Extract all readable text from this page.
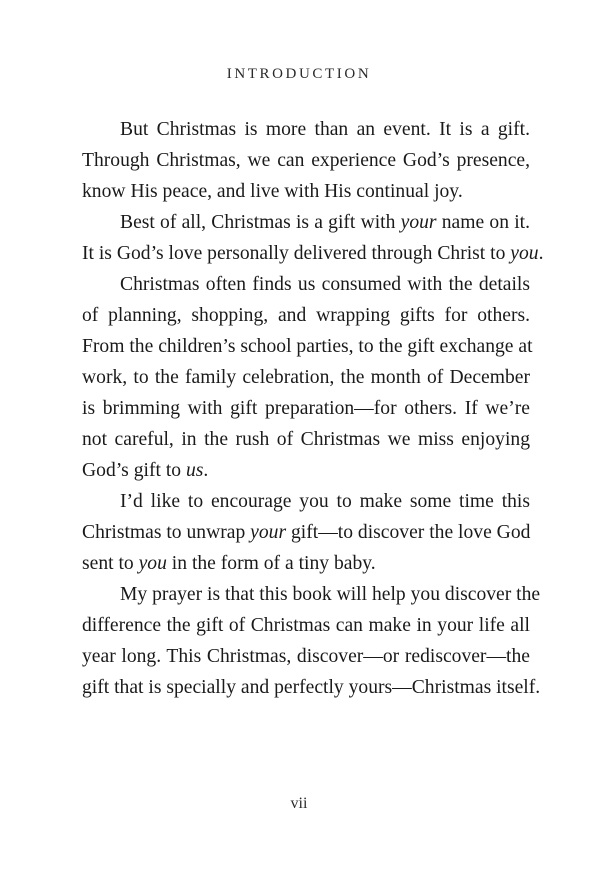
INTRODUCTION
But Christmas is more than an event. It is a gift.
Through Christmas, we can experience God’s presence,
know His peace, and live with His continual joy.
Best of all, Christmas is a gift with your name on it.
It is God’s love personally delivered through Christ to you.
Christmas often finds us consumed with the details
of planning, shopping, and wrapping gifts for others.
From the children’s school parties, to the gift exchange at
work, to the family celebration, the month of December
is brimming with gift preparation—for others. If we’re
not careful, in the rush of Christmas we miss enjoying
God’s gift to us.
I’d like to encourage you to make some time this
Christmas to unwrap your gift—to discover the love God
sent to you in the form of a tiny baby.
My prayer is that this book will help you discover the
difference the gift of Christmas can make in your life all
year long. This Christmas, discover—or rediscover—the
gift that is specially and perfectly yours—Christmas itself.
vii
